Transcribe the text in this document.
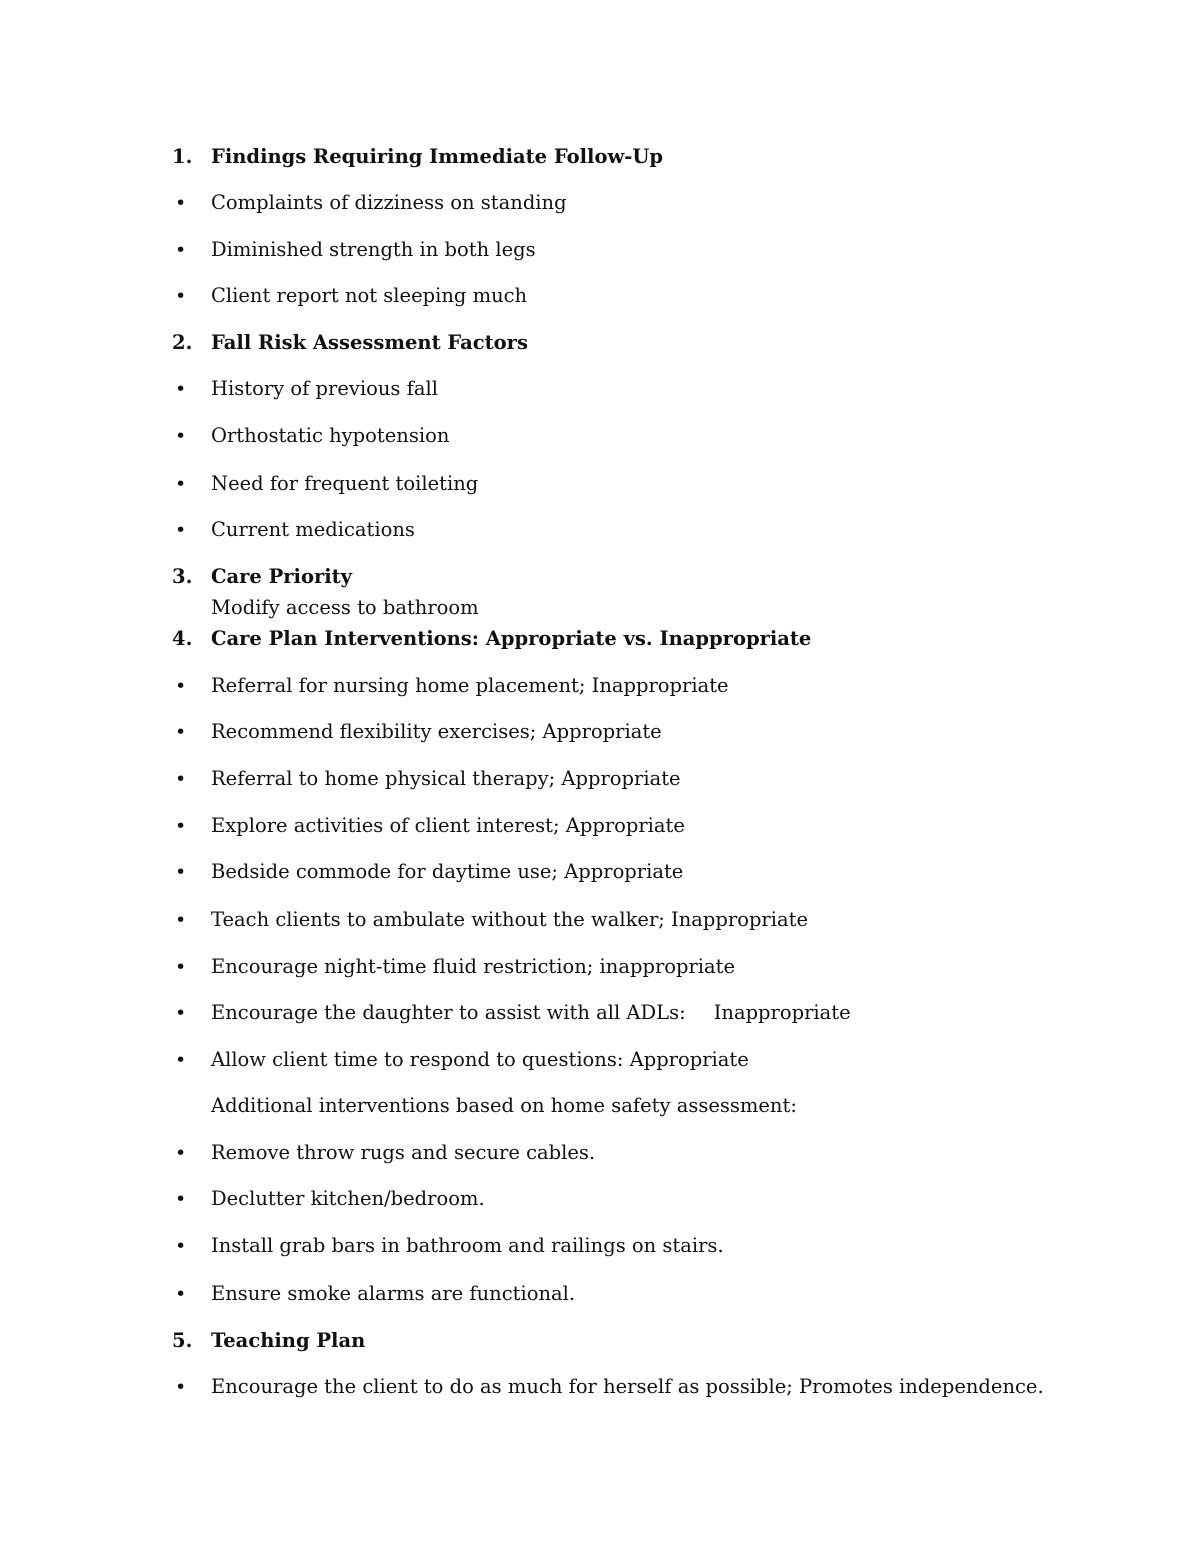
1. Findings Requiring Immediate Follow-Up
• Complaints of dizziness on standing
• Diminished strength in both legs
• Client report not sleeping much
2. Fall Risk Assessment Factors
• History of previous fall
• Orthostatic hypotension
• Need for frequent toileting
• Current medications
3. Care Priority
Modify access to bathroom
4. Care Plan Interventions: Appropriate vs. Inappropriate
• Referral for nursing home placement; Inappropriate
• Recommend flexibility exercises; Appropriate
• Referral to home physical therapy; Appropriate
• Explore activities of client interest; Appropriate
• Bedside commode for daytime use; Appropriate
• Teach clients to ambulate without the walker; Inappropriate
• Encourage night-time fluid restriction; inappropriate
• Encourage the daughter to assist with all ADLs: Inappropriate
• Allow client time to respond to questions: Appropriate
Additional interventions based on home safety assessment:
• Remove throw rugs and secure cables.
• Declutter kitchen/bedroom.
• Install grab bars in bathroom and railings on stairs.
• Ensure smoke alarms are functional.
5. Teaching Plan
• Encourage the client to do as much for herself as possible; Promotes independence.
